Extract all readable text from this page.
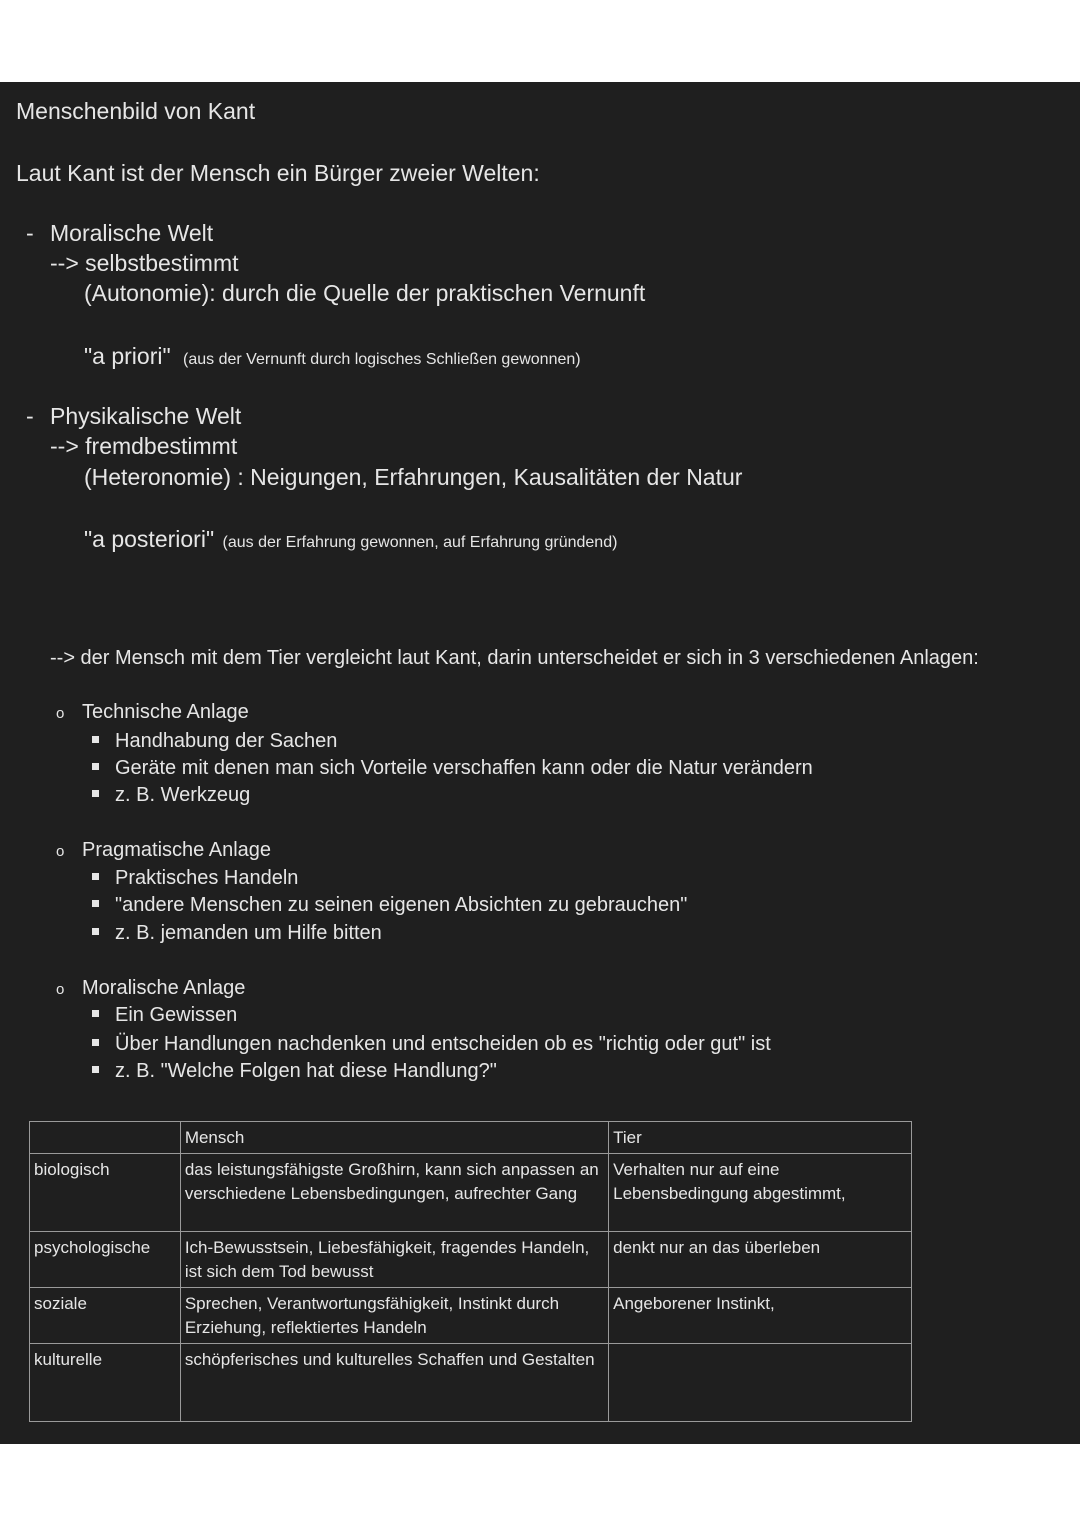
Menschenbild von Kant
Laut Kant ist der Mensch ein Bürger zweier Welten:
- Moralische Welt
--> selbstbestimmt
(Autonomie): durch die Quelle der praktischen Vernunft
"a priori" (aus der Vernunft durch logisches Schließen gewonnen)
- Physikalische Welt
--> fremdbestimmt
(Heteronomie) : Neigungen, Erfahrungen, Kausalitäten der Natur
"a posteriori" (aus der Erfahrung gewonnen, auf Erfahrung gründend)
--> der Mensch mit dem Tier vergleicht laut Kant, darin unterscheidet er sich in 3 verschiedenen Anlagen:
o Technische Anlage
Handhabung der Sachen
Geräte mit denen man sich Vorteile verschaffen kann oder die Natur verändern
z. B. Werkzeug
o Pragmatische Anlage
Praktisches Handeln
"andere Menschen zu seinen eigenen Absichten zu gebrauchen"
z. B. jemanden um Hilfe bitten
o Moralische Anlage
Ein Gewissen
Über Handlungen nachdenken und entscheiden ob es "richtig oder gut" ist
z. B. "Welche Folgen hat diese Handlung?"
	Mensch	Tier
biologisch	das leistungsfähigste Großhirn, kann sich anpassen an verschiedene Lebensbedingungen, aufrechter Gang	Verhalten nur auf eine Lebensbedingung abgestimmt,
psychologische	Ich-Bewusstsein, Liebesfähigkeit, fragendes Handeln, ist sich dem Tod bewusst	denkt nur an das überleben
soziale	Sprechen, Verantwortungsfähigkeit, Instinkt durch Erziehung, reflektiertes Handeln	Angeborener Instinkt,
kulturelle	schöpferisches und kulturelles Schaffen und Gestalten	
